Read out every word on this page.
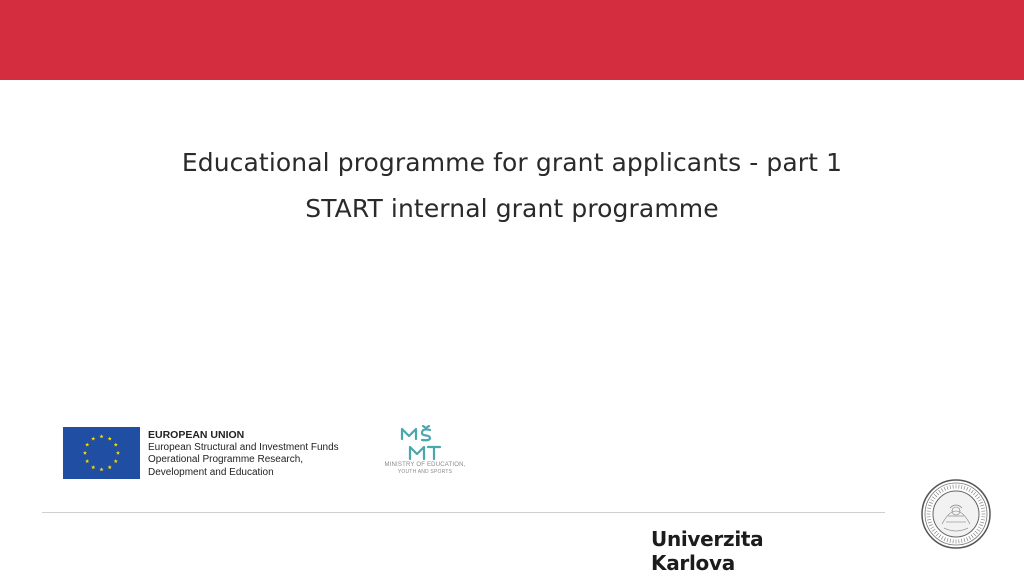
Educational programme for grant applicants - part 1
START internal grant programme
EUROPEAN UNION
European Structural and Investment Funds
Operational Programme Research,
Development and Education
MINISTRY OF EDUCATION,
YOUTH AND SPORTS
Univerzita Karlova
